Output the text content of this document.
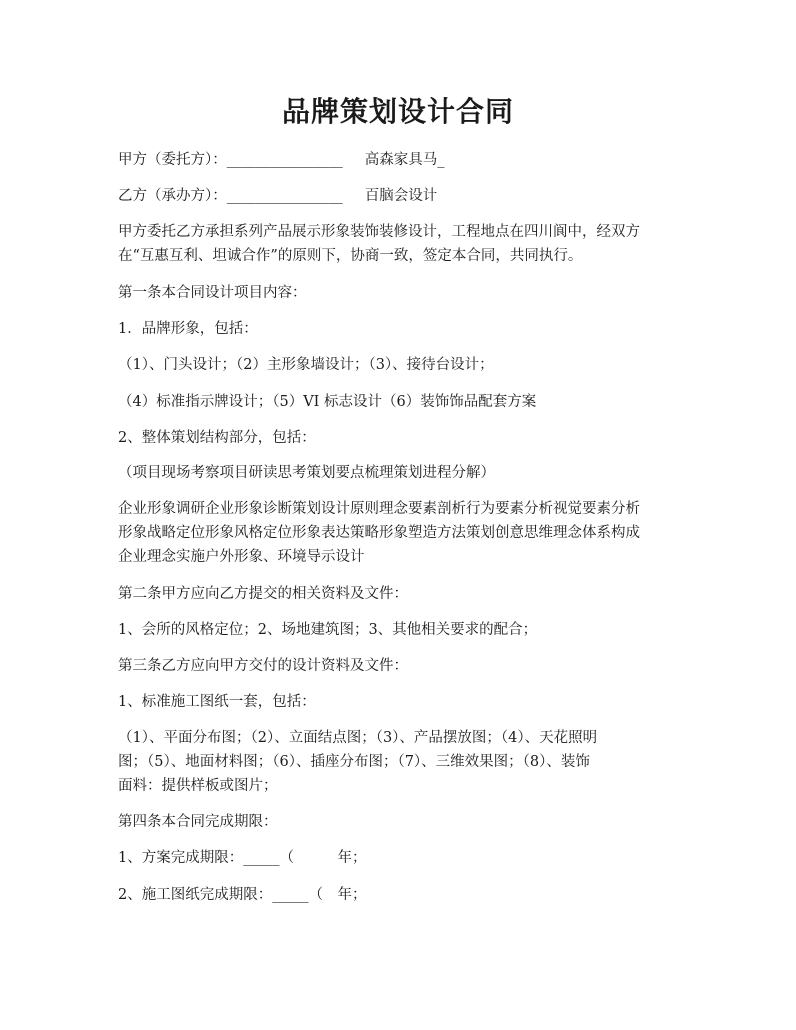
品牌策划设计合同

甲方（委托方）：________________ 高森家具马_

乙方（承办方）：________________ 百脑会设计

甲方委托乙方承担系列产品展示形象装饰装修设计，工程地点在四川阆中，经双方

在“互惠互利、坦诚合作”的原则下，协商一致，签定本合同，共同执行。

第一条本合同设计项目内容：

1．品牌形象，包括：

（1）、门头设计；（2）主形象墙设计；（3）、接待台设计；

（4）标准指示牌设计；（5）VI 标志设计（6）装饰饰品配套方案

2、整体策划结构部分，包括：

（项目现场考察项目研读思考策划要点梳理策划进程分解）

企业形象调研企业形象诊断策划设计原则理念要素剖析行为要素分析视觉要素分析

形象战略定位形象风格定位形象表达策略形象塑造方法策划创意思维理念体系构成

企业理念实施户外形象、环境导示设计

第二条甲方应向乙方提交的相关资料及文件：

1、会所的风格定位；2、场地建筑图；3、其他相关要求的配合；

第三条乙方应向甲方交付的设计资料及文件：

1、标准施工图纸一套，包括：

（1）、平面分布图；（2）、立面结点图；（3）、产品摆放图；（4）、天花照明

图；（5）、地面材料图；（6）、插座分布图；（7）、三维效果图；（8）、装饰

面料：提供样板或图片；

第四条本合同完成期限：

1、方案完成期限：_____（　　　年；

2、施工图纸完成期限：_____（　年；
